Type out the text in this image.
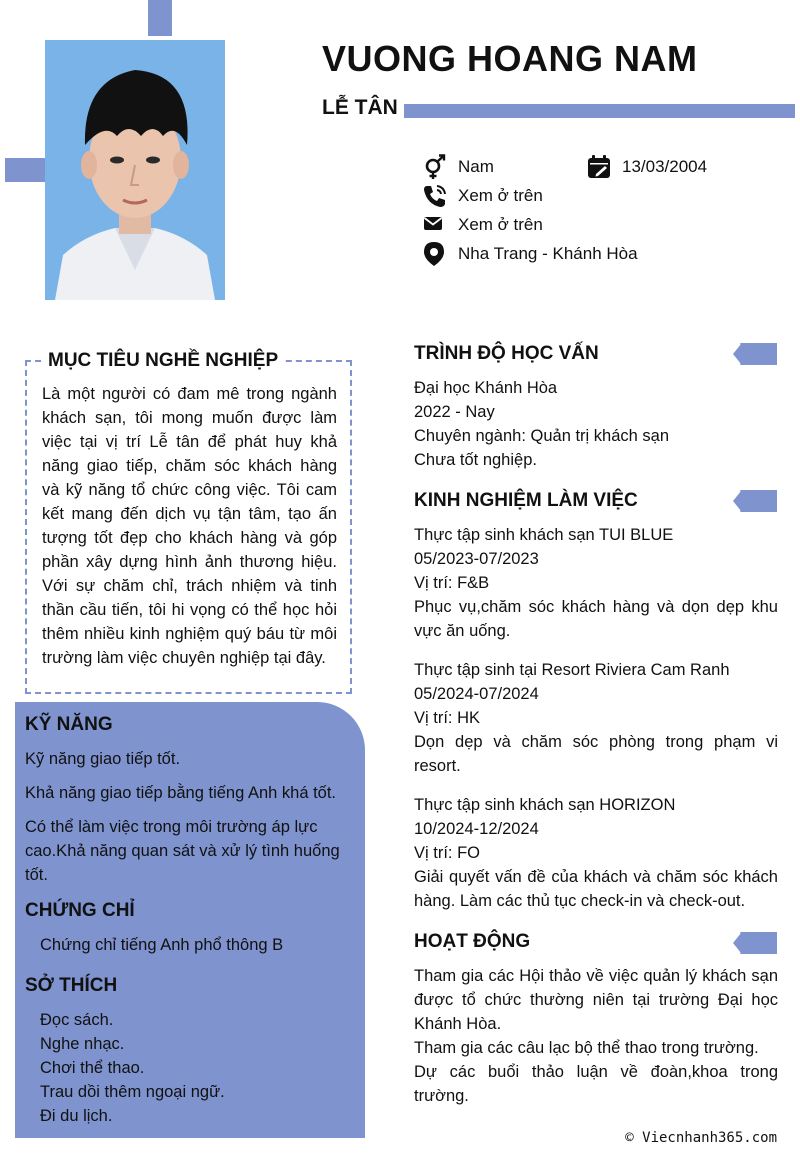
VUONG HOANG NAM
LỄ TÂN
Nam	13/03/2004
Xem ở trên
Xem ở trên
Nha Trang - Khánh Hòa
MỤC TIÊU NGHỀ NGHIỆP
Là một người có đam mê trong ngành khách sạn, tôi mong muốn được làm việc tại vị trí Lễ tân để phát huy khả năng giao tiếp, chăm sóc khách hàng và kỹ năng tổ chức công việc. Tôi cam kết mang đến dịch vụ tận tâm, tạo ấn tượng tốt đẹp cho khách hàng và góp phần xây dựng hình ảnh thương hiệu. Với sự chăm chỉ, trách nhiệm và tinh thần cầu tiến, tôi hi vọng có thể học hỏi thêm nhiều kinh nghiệm quý báu từ môi trường làm việc chuyên nghiệp tại đây.
KỸ NĂNG
Kỹ năng giao tiếp tốt.
Khả năng giao tiếp bằng tiếng Anh khá tốt.
Có thể làm việc trong môi trường áp lực cao.Khả năng quan sát và xử lý tình huống tốt.
CHỨNG CHỈ
Chứng chỉ tiếng Anh phổ thông B
SỞ THÍCH
Đọc sách.
Nghe nhạc.
Chơi thể thao.
Trau dồi thêm ngoại ngữ.
Đi du lịch.
TRÌNH ĐỘ HỌC VẤN
Đại học Khánh Hòa
2022 - Nay
Chuyên ngành: Quản trị khách sạn
Chưa tốt nghiệp.
KINH NGHIỆM LÀM VIỆC
Thực tập sinh khách sạn TUI BLUE
05/2023-07/2023
Vị trí: F&B
Phục vụ,chăm sóc khách hàng và dọn dẹp khu vực ăn uống.
Thực tập sinh tại Resort Riviera Cam Ranh
05/2024-07/2024
Vị trí: HK
Dọn dẹp và chăm sóc phòng trong phạm vi resort.
Thực tập sinh khách sạn HORIZON
10/2024-12/2024
Vị trí: FO
Giải quyết vấn đề của khách và chăm sóc khách hàng. Làm các thủ tục check-in và check-out.
HOẠT ĐỘNG
Tham gia các Hội thảo về việc quản lý khách sạn được tổ chức thường niên tại trường Đại học Khánh Hòa.
Tham gia các câu lạc bộ thể thao trong trường.
Dự các buổi thảo luận về đoàn,khoa trong trường.
© Viecnhanh365.com
